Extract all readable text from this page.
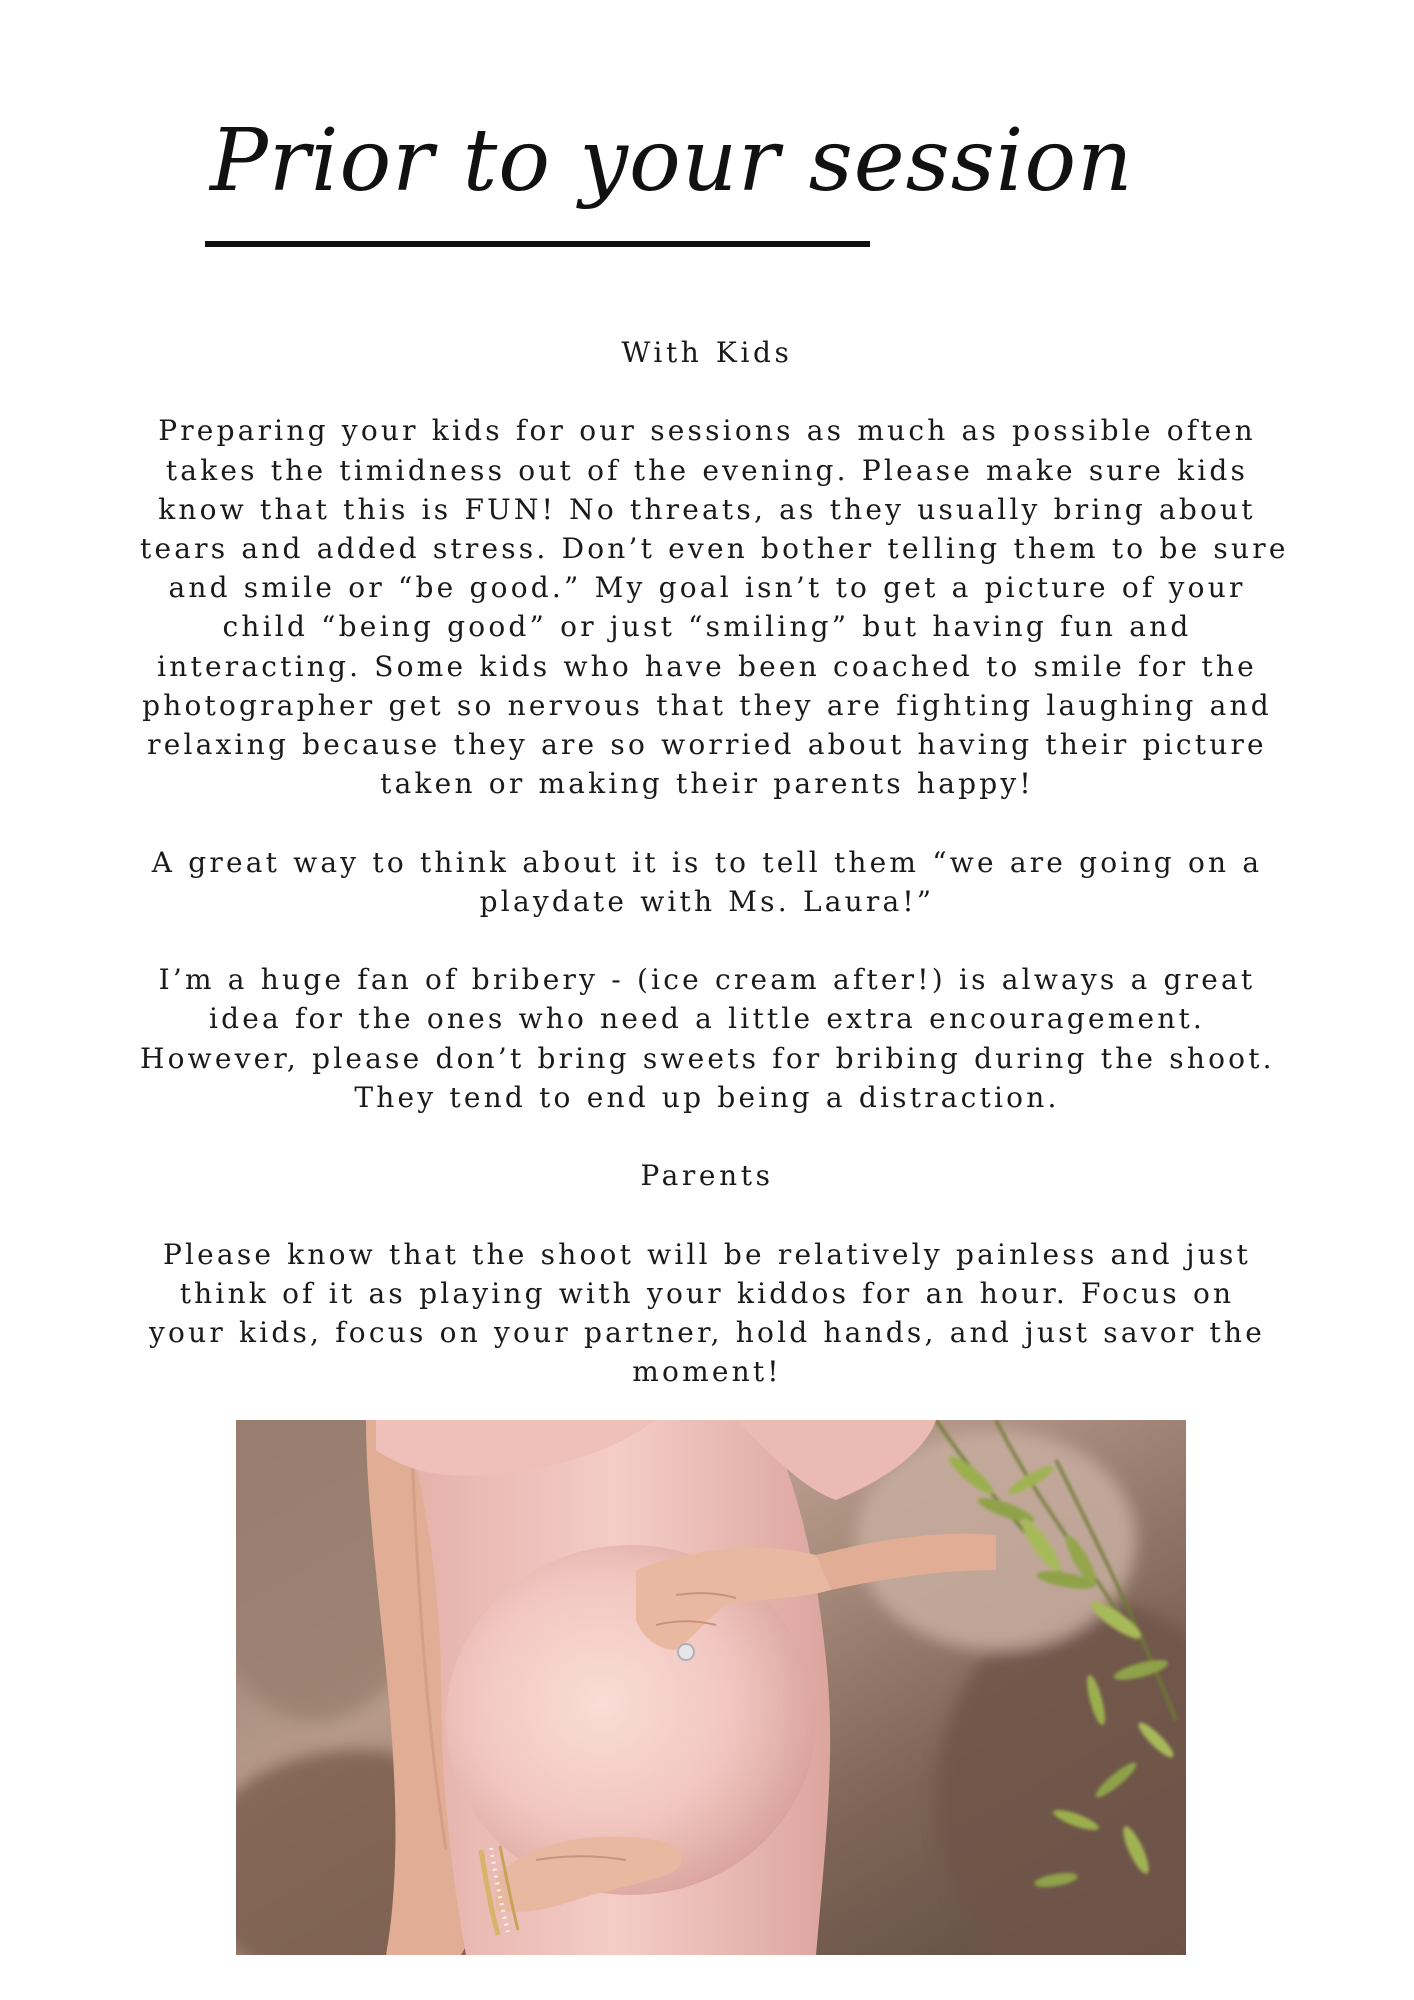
Prior to your session

With Kids

Preparing your kids for our sessions as much as possible often
takes the timidness out of the evening. Please make sure kids
know that this is FUN! No threats, as they usually bring about
tears and added stress. Don’t even bother telling them to be sure
and smile or “be good.” My goal isn’t to get a picture of your
child “being good” or just “smiling” but having fun and
interacting. Some kids who have been coached to smile for the
photographer get so nervous that they are fighting laughing and
relaxing because they are so worried about having their picture
taken or making their parents happy!

A great way to think about it is to tell them “we are going on a
playdate with Ms. Laura!”

I’m a huge fan of bribery - (ice cream after!) is always a great
idea for the ones who need a little extra encouragement.
However, please don’t bring sweets for bribing during the shoot.
They tend to end up being a distraction.

Parents

Please know that the shoot will be relatively painless and just
think of it as playing with your kiddos for an hour. Focus on
your kids, focus on your partner, hold hands, and just savor the
moment!
